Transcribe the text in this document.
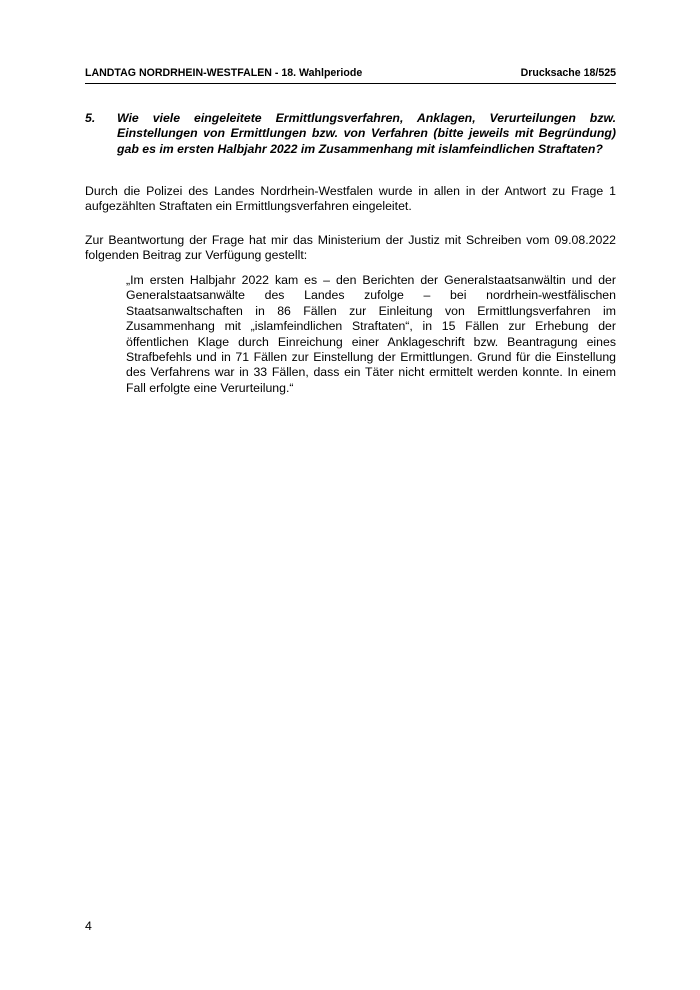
LANDTAG NORDRHEIN-WESTFALEN - 18. Wahlperiode	Drucksache 18/525
5. Wie viele eingeleitete Ermittlungsverfahren, Anklagen, Verurteilungen bzw. Einstellungen von Ermittlungen bzw. von Verfahren (bitte jeweils mit Begründung) gab es im ersten Halbjahr 2022 im Zusammenhang mit islamfeindlichen Straftaten?
Durch die Polizei des Landes Nordrhein-Westfalen wurde in allen in der Antwort zu Frage 1 aufgezählten Straftaten ein Ermittlungsverfahren eingeleitet.
Zur Beantwortung der Frage hat mir das Ministerium der Justiz mit Schreiben vom 09.08.2022 folgenden Beitrag zur Verfügung gestellt:
„Im ersten Halbjahr 2022 kam es – den Berichten der Generalstaatsanwältin und der Generalstaatsanwälte des Landes zufolge – bei nordrhein-westfälischen Staatsanwaltschaften in 86 Fällen zur Einleitung von Ermittlungsverfahren im Zusammenhang mit „islamfeindlichen Straftaten“, in 15 Fällen zur Erhebung der öffentlichen Klage durch Einreichung einer Anklageschrift bzw. Beantragung eines Strafbefehls und in 71 Fällen zur Einstellung der Ermittlungen. Grund für die Einstellung des Verfahrens war in 33 Fällen, dass ein Täter nicht ermittelt werden konnte. In einem Fall erfolgte eine Verurteilung.“
4
